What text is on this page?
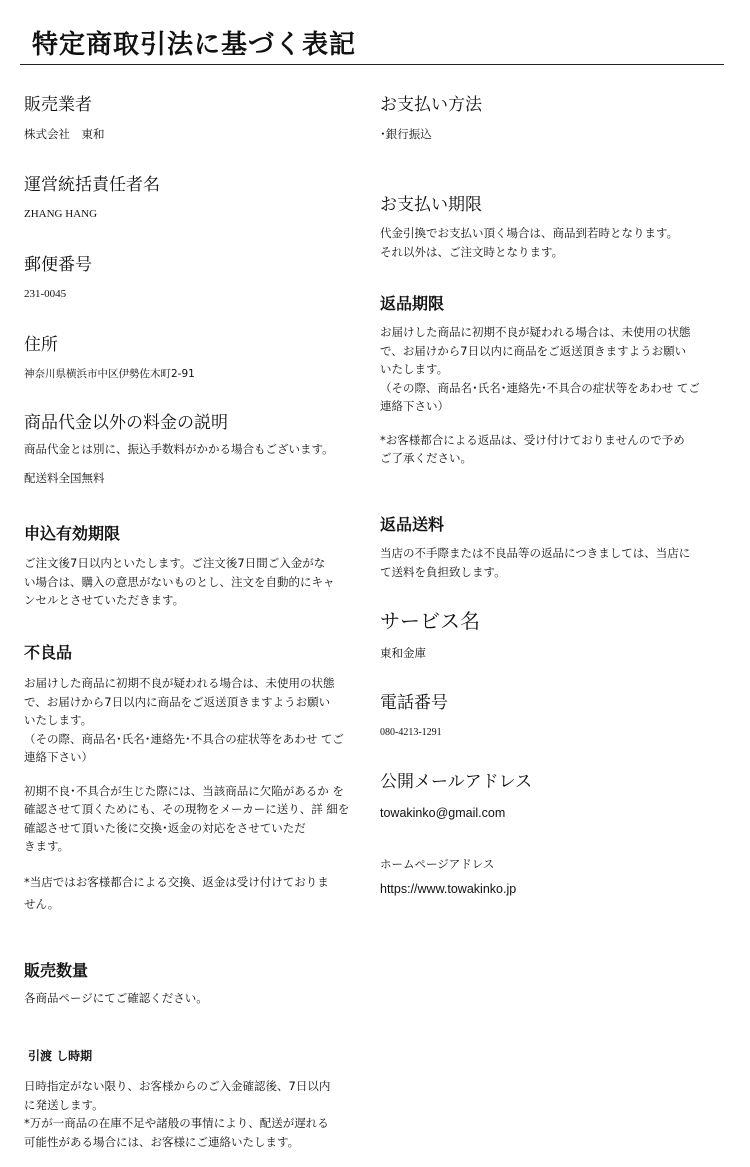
特定商取引法に基づく表記

販売業者

株式会社　東和

運営統括責任者名

ZHANG HANG

郵便番号

231-0045

住所

神奈川県横浜市中区伊勢佐木町2-91

商品代金以外の料金の説明

商品代金とは別に、振込手数料がかかる場合もございます。

配送料全国無料

申込有効期限

ご注文後7日以内といたします。ご注文後7日間ご入金がな
い場合は、購入の意思がないものとし、注文を自動的にキャ
ンセルとさせていただきます。

不良品

お届けした商品に初期不良が疑われる場合は、未使用の状態
で、お届けから7日以内に商品をご返送頂きますようお願い
いたします。
（その際、商品名･氏名･連絡先･不具合の症状等をあわせ てご
連絡下さい）

初期不良･不具合が生じた際には、当該商品に欠陥があるか を
確認させて頂くためにも、その現物をメーカーに送り、詳 細を
確認させて頂いた後に交換･返金の対応をさせていただ
きます。

*当店ではお客様都合による交換、返金は受け付けておりま
せん。

販売数量

各商品ページにてご確認ください。

引渡 し時期

日時指定がない限り、お客様からのご入金確認後、7日以内
に発送します。
*万が一商品の在庫不足や諸般の事情により、配送が遅れる
可能性がある場合には、お客様にご連絡いたします。

お支払い方法

･銀行振込

お支払い期限

代金引換でお支払い頂く場合は、商品到若時となります。
それ以外は、ご注文時となります。

返品期限

お届けした商品に初期不良が疑われる場合は、未使用の状態
で、お届けから7日以内に商品をご返送頂きますようお願い
いたします。
（その際、商品名･氏名･連絡先･不具合の症状等をあわせ てご
連絡下さい）

*お客様都合による返品は、受け付けておりませんので予め
ご了承ください。

返品送料

当店の不手際または不良品等の返品につきましては、当店に
て送料を負担致します。

サービス名

東和金庫

電話番号

080-4213-1291

公開メールアドレス

towakinko@gmail.com

ホームページアドレス

https://www.towakinko.jp
